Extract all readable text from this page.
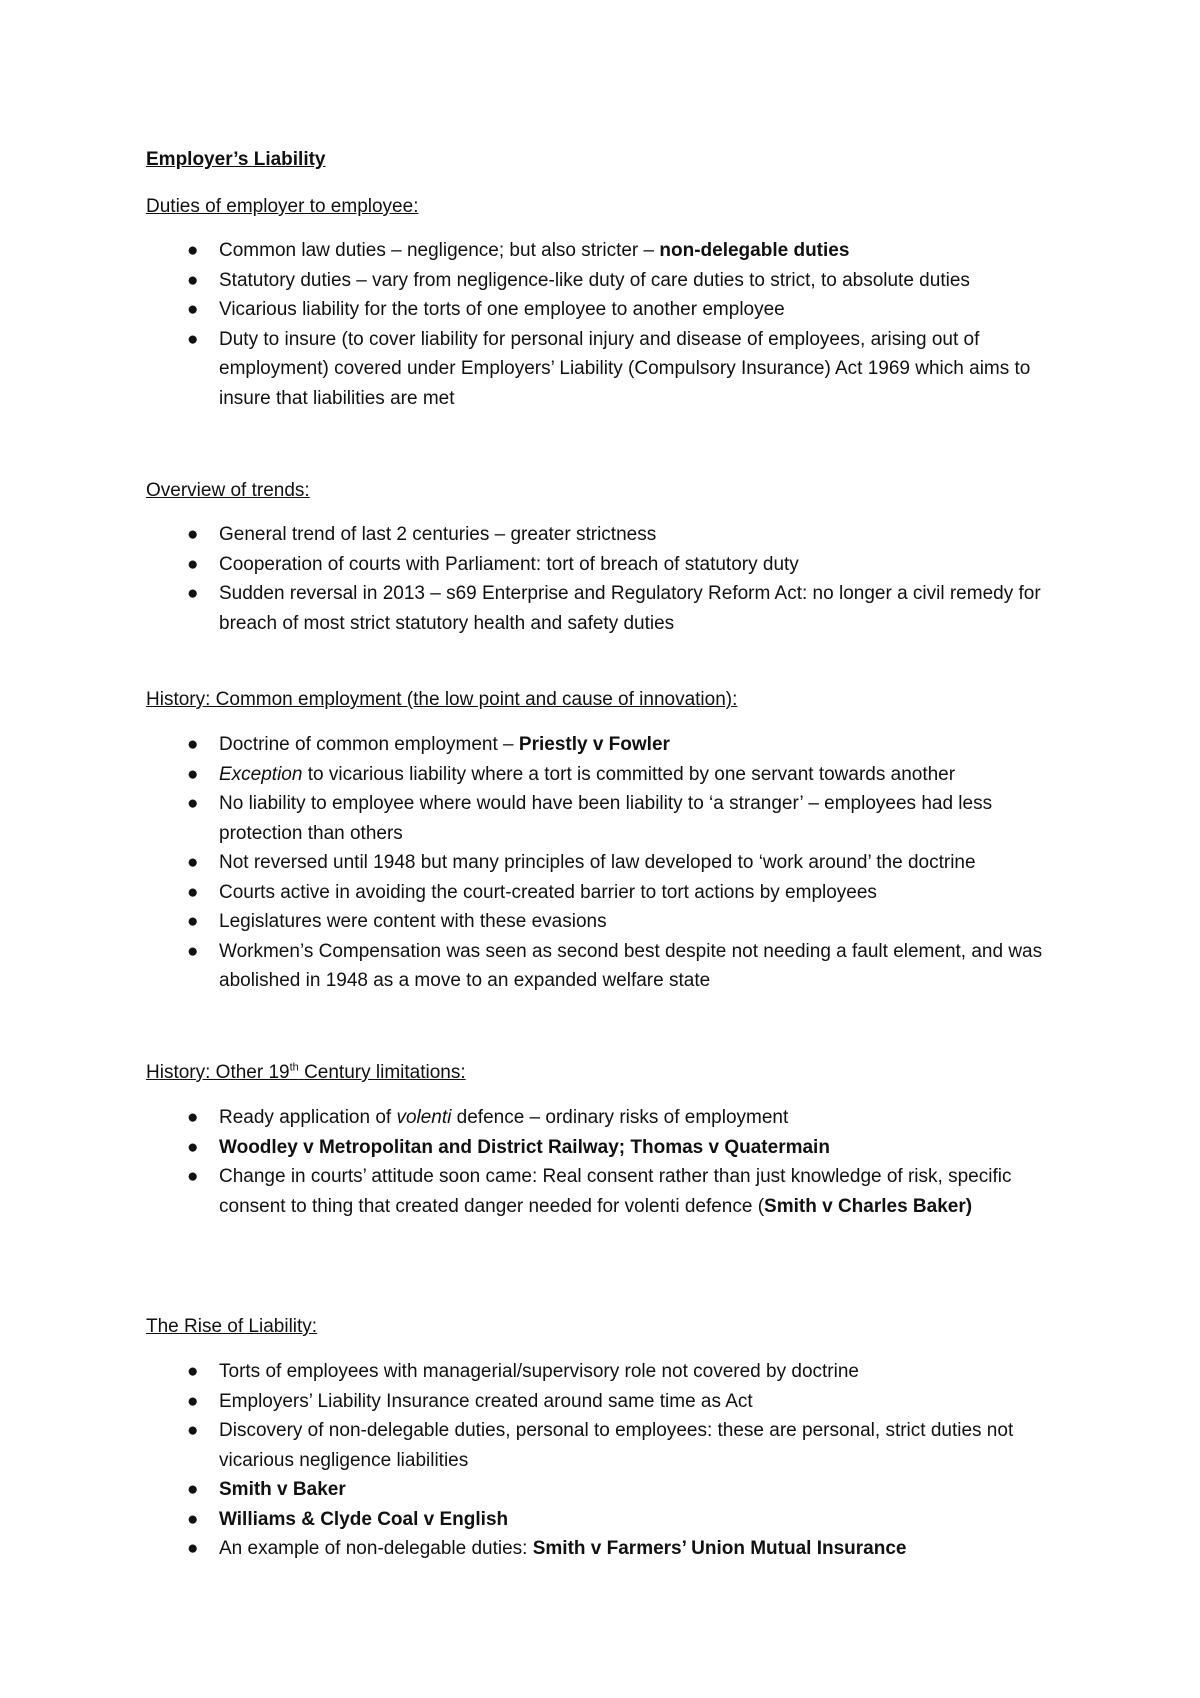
Employer’s Liability
Duties of employer to employee:
● Common law duties – negligence; but also stricter – non-delegable duties
● Statutory duties – vary from negligence-like duty of care duties to strict, to absolute duties
● Vicarious liability for the torts of one employee to another employee
● Duty to insure (to cover liability for personal injury and disease of employees, arising out of employment) covered under Employers’ Liability (Compulsory Insurance) Act 1969 which aims to insure that liabilities are met
Overview of trends:
● General trend of last 2 centuries – greater strictness
● Cooperation of courts with Parliament: tort of breach of statutory duty
● Sudden reversal in 2013 – s69 Enterprise and Regulatory Reform Act: no longer a civil remedy for breach of most strict statutory health and safety duties
History: Common employment (the low point and cause of innovation):
● Doctrine of common employment – Priestly v Fowler
● Exception to vicarious liability where a tort is committed by one servant towards another
● No liability to employee where would have been liability to ‘a stranger’ – employees had less protection than others
● Not reversed until 1948 but many principles of law developed to ‘work around’ the doctrine
● Courts active in avoiding the court-created barrier to tort actions by employees
● Legislatures were content with these evasions
● Workmen’s Compensation was seen as second best despite not needing a fault element, and was abolished in 1948 as a move to an expanded welfare state
History: Other 19th Century limitations:
● Ready application of volenti defence – ordinary risks of employment
● Woodley v Metropolitan and District Railway; Thomas v Quatermain
● Change in courts’ attitude soon came: Real consent rather than just knowledge of risk, specific consent to thing that created danger needed for volenti defence (Smith v Charles Baker)
The Rise of Liability:
● Torts of employees with managerial/supervisory role not covered by doctrine
● Employers’ Liability Insurance created around same time as Act
● Discovery of non-delegable duties, personal to employees: these are personal, strict duties not vicarious negligence liabilities
● Smith v Baker
● Williams & Clyde Coal v English
● An example of non-delegable duties: Smith v Farmers’ Union Mutual Insurance
